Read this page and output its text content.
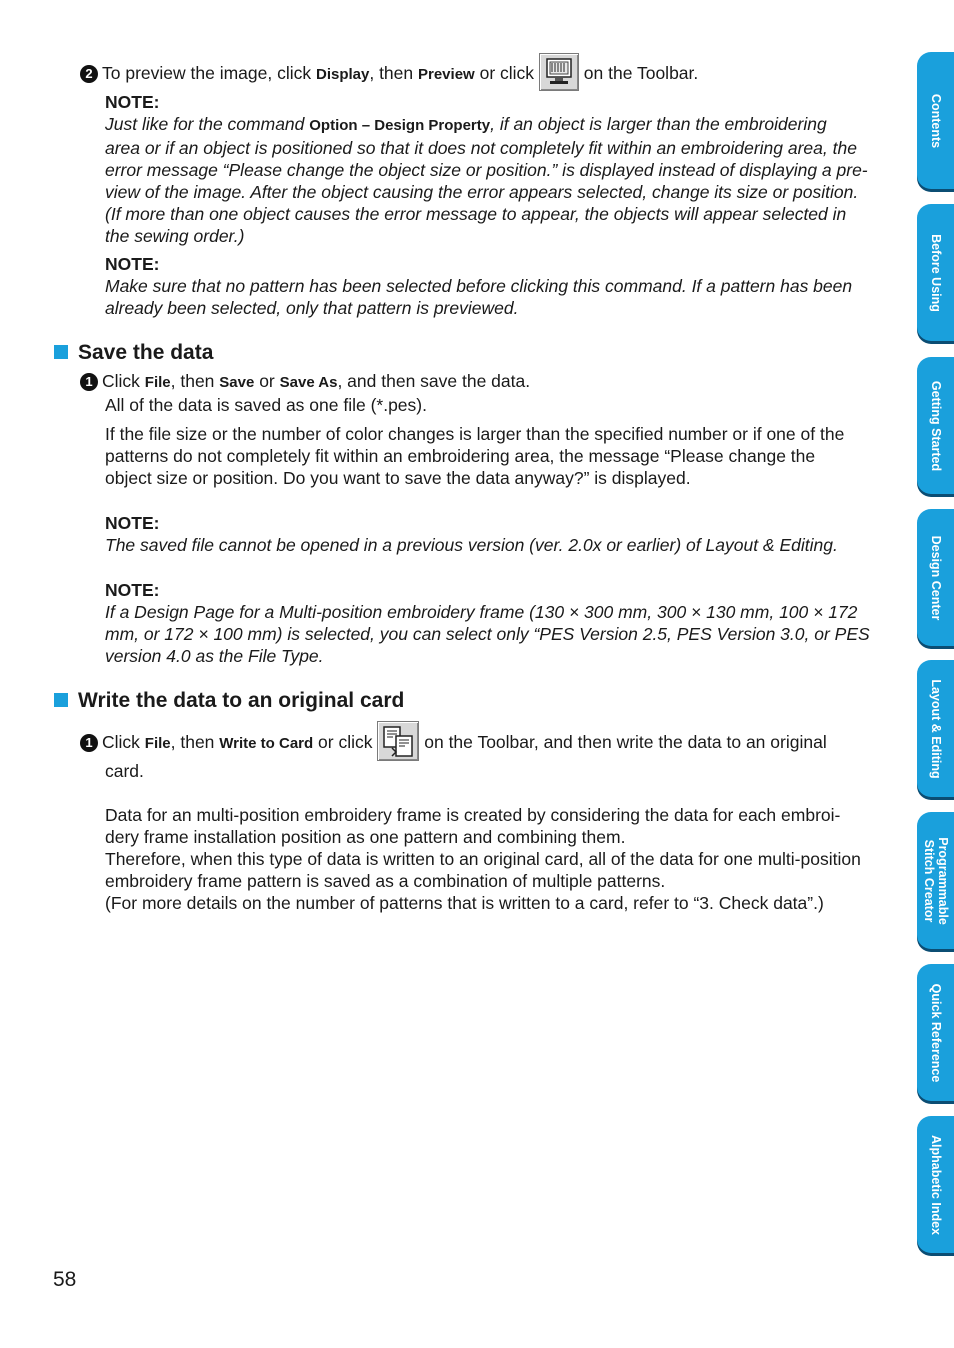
2 To preview the image, click Display, then Preview or click  on the Toolbar.
NOTE:
Just like for the command Option – Design Property, if an object is larger than the embroidering
area or if an object is positioned so that it does not completely fit within an embroidering area, the
error message “Please change the object size or position.” is displayed instead of displaying a pre-
view of the image. After the object causing the error appears selected, change its size or position.
(If more than one object causes the error message to appear, the objects will appear selected in
the sewing order.)
NOTE:
Make sure that no pattern has been selected before clicking this command. If a pattern has been
already been selected, only that pattern is previewed.
Save the data
1 Click File, then Save or Save As, and then save the data.
All of the data is saved as one file (*.pes).
If the file size or the number of color changes is larger than the specified number or if one of the
patterns do not completely fit within an embroidering area, the message “Please change the
object size or position. Do you want to save the data anyway?” is displayed.
NOTE:
The saved file cannot be opened in a previous version (ver. 2.0x or earlier) of Layout & Editing.
NOTE:
If a Design Page for a Multi-position embroidery frame (130 × 300 mm, 300 × 130 mm, 100 × 172
mm, or 172 × 100 mm) is selected, you can select only “PES Version 2.5, PES Version 3.0, or PES
version 4.0 as the File Type.
Write the data to an original card
1 Click File, then Write to Card or click  on the Toolbar, and then write the data to an original
card.
Data for an multi-position embroidery frame is created by considering the data for each embroi-
dery frame installation position as one pattern and combining them.
Therefore, when this type of data is written to an original card, all of the data for one multi-position
embroidery frame pattern is saved as a combination of multiple patterns.
(For more details on the number of patterns that is written to a card, refer to “3. Check data”.)
58
Contents
Before Using
Getting Started
Design Center
Layout & Editing
Programmable Stitch Creator
Quick Reference
Alphabetic Index
